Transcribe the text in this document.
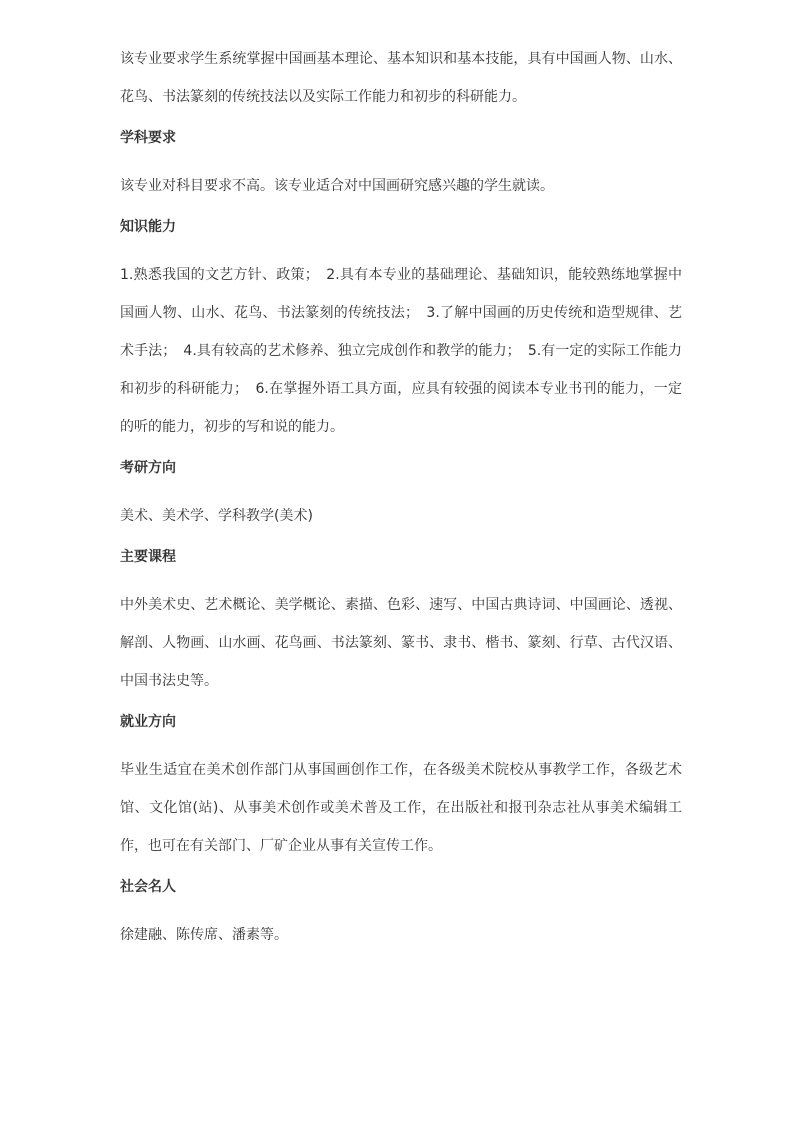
该专业要求学生系统掌握中国画基本理论、基本知识和基本技能，具有中国画人物、山水、花鸟、书法篆刻的传统技法以及实际工作能力和初步的科研能力。

学科要求

该专业对科目要求不高。该专业适合对中国画研究感兴趣的学生就读。

知识能力

1.熟悉我国的文艺方针、政策；　2.具有本专业的基础理论、基础知识，能较熟练地掌握中国画人物、山水、花鸟、书法篆刻的传统技法；　3.了解中国画的历史传统和造型规律、艺术手法；　4.具有较高的艺术修养、独立完成创作和教学的能力；　5.有一定的实际工作能力和初步的科研能力；　6.在掌握外语工具方面，应具有较强的阅读本专业书刊的能力，一定的听的能力，初步的写和说的能力。

考研方向

美术、美术学、学科教学(美术)

主要课程

中外美术史、艺术概论、美学概论、素描、色彩、速写、中国古典诗词、中国画论、透视、解剖、人物画、山水画、花鸟画、书法篆刻、篆书、隶书、楷书、篆刻、行草、古代汉语、中国书法史等。

就业方向

毕业生适宜在美术创作部门从事国画创作工作，在各级美术院校从事教学工作，各级艺术馆、文化馆(站)、从事美术创作或美术普及工作，在出版社和报刊杂志社从事美术编辑工作，也可在有关部门、厂矿企业从事有关宣传工作。

社会名人

徐建融、陈传席、潘素等。
